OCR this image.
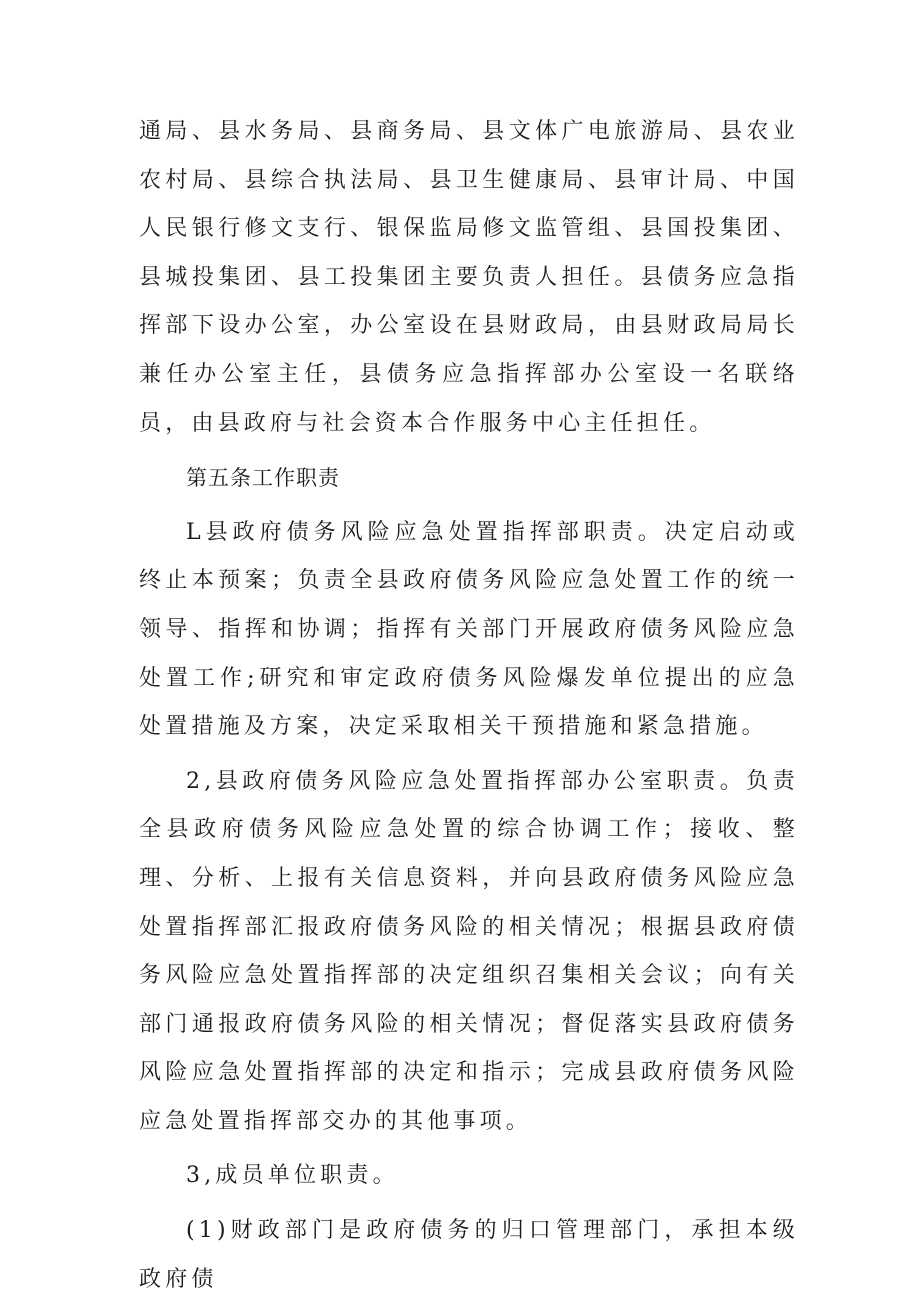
通局、县水务局、县商务局、县文体广电旅游局、县农业农村局、县综合执法局、县卫生健康局、县审计局、中国人民银行修文支行、银保监局修文监管组、县国投集团、县城投集团、县工投集团主要负责人担任。县债务应急指挥部下设办公室，办公室设在县财政局，由县财政局局长兼任办公室主任，县债务应急指挥部办公室设一名联络员，由县政府与社会资本合作服务中心主任担任。

第五条工作职责

L县政府债务风险应急处置指挥部职责。决定启动或终止本预案；负责全县政府债务风险应急处置工作的统一领导、指挥和协调；指挥有关部门开展政府债务风险应急处置工作;研究和审定政府债务风险爆发单位提出的应急处置措施及方案，决定采取相关干预措施和紧急措施。

2,县政府债务风险应急处置指挥部办公室职责。负责全县政府债务风险应急处置的综合协调工作；接收、整理、分析、上报有关信息资料，并向县政府债务风险应急处置指挥部汇报政府债务风险的相关情况；根据县政府债务风险应急处置指挥部的决定组织召集相关会议；向有关部门通报政府债务风险的相关情况；督促落实县政府债务风险应急处置指挥部的决定和指示；完成县政府债务风险应急处置指挥部交办的其他事项。

3,成员单位职责。

(1)财政部门是政府债务的归口管理部门，承担本级政府债
